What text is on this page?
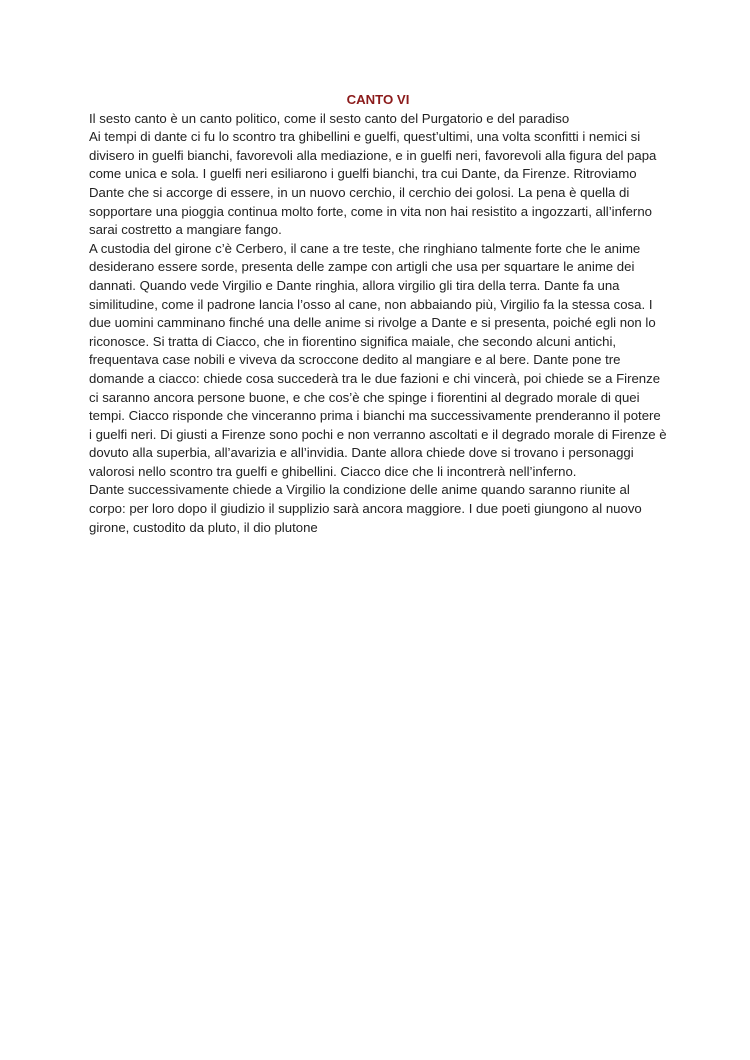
CANTO VI

Il sesto canto è un canto politico, come il sesto canto del Purgatorio e del paradiso

Ai tempi di dante ci fu lo scontro tra ghibellini e guelfi, quest’ultimi, una volta sconfitti i nemici si divisero in guelfi bianchi, favorevoli alla mediazione, e in guelfi neri, favorevoli alla figura del papa come unica e sola. I guelfi neri esiliarono i guelfi bianchi, tra cui Dante, da Firenze. Ritroviamo Dante che si accorge di essere, in un nuovo cerchio, il cerchio dei golosi. La pena è quella di sopportare una pioggia continua molto forte, come in vita non hai resistito a ingozzarti, all’inferno sarai costretto a mangiare fango.

A custodia del girone c’è Cerbero, il cane a tre teste, che ringhiano talmente forte che le anime desiderano essere sorde, presenta delle zampe con artigli che usa per squartare le anime dei dannati. Quando vede Virgilio e Dante ringhia, allora virgilio gli tira della terra. Dante fa una similitudine, come il padrone lancia l’osso al cane, non abbaiando più, Virgilio fa la stessa cosa. I due uomini camminano finché una delle anime si rivolge a Dante e si presenta, poiché egli non lo riconosce. Si tratta di Ciacco, che in fiorentino significa maiale, che secondo alcuni antichi, frequentava case nobili e viveva da scroccone dedito al mangiare e al bere. Dante pone tre domande a ciacco: chiede cosa succederà tra le due fazioni e chi vincerà, poi chiede se a Firenze ci saranno ancora persone buone, e che cos’è che spinge i fiorentini al degrado morale di quei tempi. Ciacco risponde che vinceranno prima i bianchi ma successivamente prenderanno il potere i guelfi neri. Di giusti a Firenze sono pochi e non verranno ascoltati e il degrado morale di Firenze è dovuto alla superbia, all’avarizia e all’invidia. Dante allora chiede dove si trovano i personaggi valorosi nello scontro tra guelfi e ghibellini. Ciacco dice che li incontrerà nell’inferno.

Dante successivamente chiede a Virgilio la condizione delle anime quando saranno riunite al corpo: per loro dopo il giudizio il supplizio sarà ancora maggiore. I due poeti giungono al nuovo girone, custodito da pluto, il dio plutone
